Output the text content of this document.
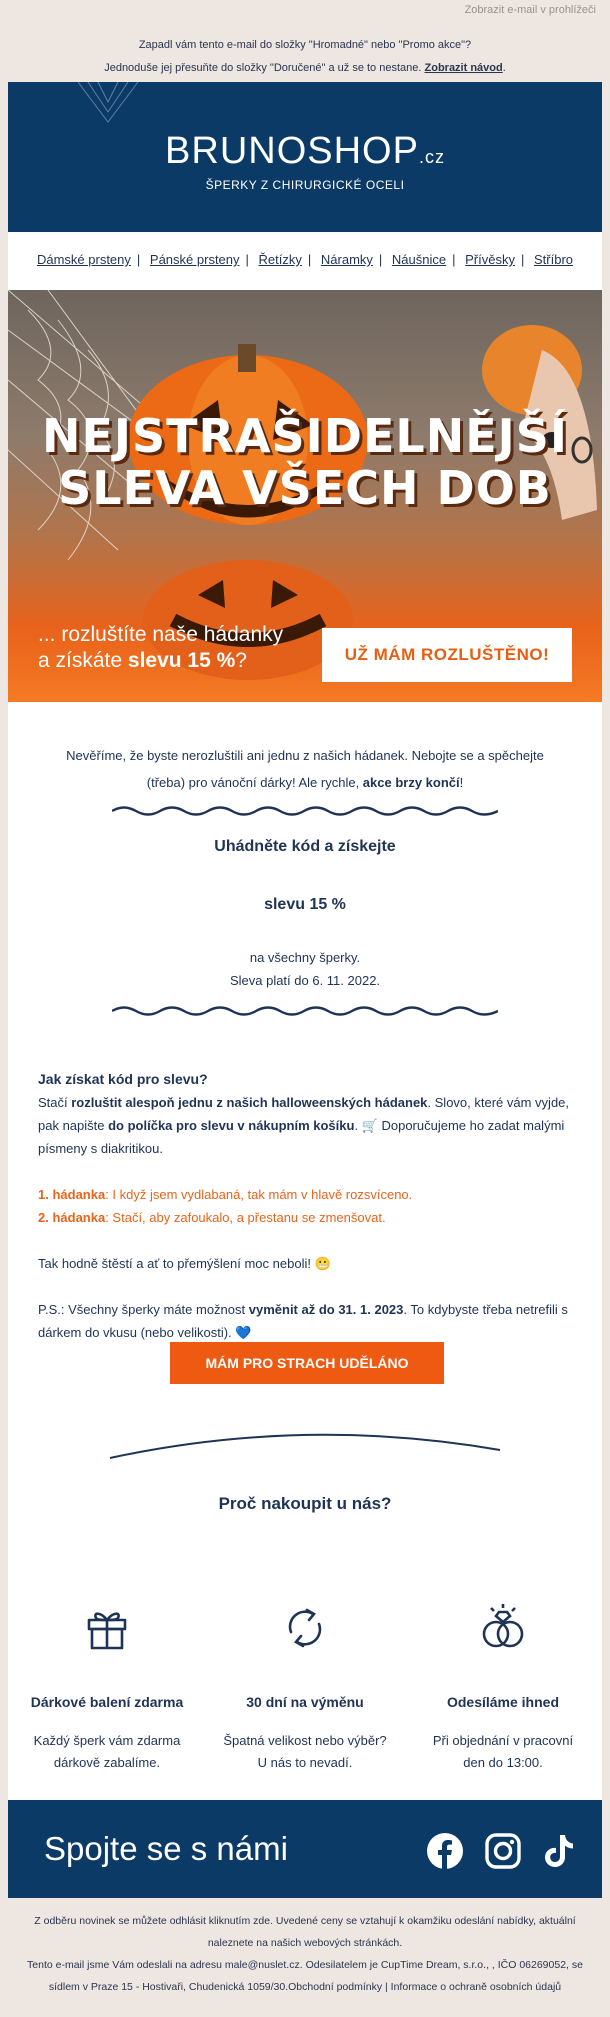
Zobrazit e-mail v prohlížeči
Zapadl vám tento e-mail do složky "Hromadné" nebo "Promo akce"?
Jednoduše jej přesuňte do složky "Doručené" a už se to nestane. Zobrazit návod.
BRUNOSHOP.cz
ŠPERKY Z CHIRURGICKÉ OCELI
Dámské prsteny | Pánské prsteny | Řetízky | Náramky | Náušnice | Přívěsky | Stříbro
NEJSTRAŠIDELNĚJŠÍ
SLEVA VŠECH DOB
... rozluštíte naše hádanky
a získáte slevu 15 %?	UŽ MÁM ROZLUŠTĚNO!
Nevěříme, že byste nerozluštili ani jednu z našich hádanek. Nebojte se a spěchejte (třeba) pro vánoční dárky! Ale rychle, akce brzy končí!
Uhádněte kód a získejte
slevu 15 %
na všechny šperky.
Sleva platí do 6. 11. 2022.
Jak získat kód pro slevu?

Stačí rozluštit alespoň jednu z našich halloweenských hádanek. Slovo, které vám vyjde, pak napište do políčka pro slevu v nákupním košíku. 🛒 Doporučujeme ho zadat malými písmeny s diakritikou.

1. hádanka: I když jsem vydlabaná, tak mám v hlavě rozsvíceno.

2. hádanka: Stačí, aby zafoukalo, a přestanu se zmenšovat.

Tak hodně štěstí a ať to přemýšlení moc neboli! 😬

P.S.: Všechny šperky máte možnost vyměnit až do 31. 1. 2023. To kdybyste třeba netrefili s dárkem do vkusu (nebo velikosti). 💙

MÁM PRO STRACH UDĚLÁNO
Proč nakoupit u nás?
Dárkové balení zdarma

Každý šperk vám zdarma
dárkově zabalíme.

30 dní na výměnu

Špatná velikost nebo výběr?
U nás to nevadí.

Odesíláme ihned

Při objednání v pracovní
den do 13:00.

Spojte se s námi
Z odběru novinek se můžete odhlásit kliknutím zde. Uvedené ceny se vztahují k okamžiku odeslání nabídky, aktuální
naleznete na našich webových stránkách.
Tento e-mail jsme Vám odeslali na adresu male@nuslet.cz. Odesilatelem je CupTime Dream, s.r.o., , IČO 06269052, se
sídlem v Praze 15 - Hostivaři, Chudenická 1059/30.Obchodní podmínky | Informace o ochraně osobních údajů
